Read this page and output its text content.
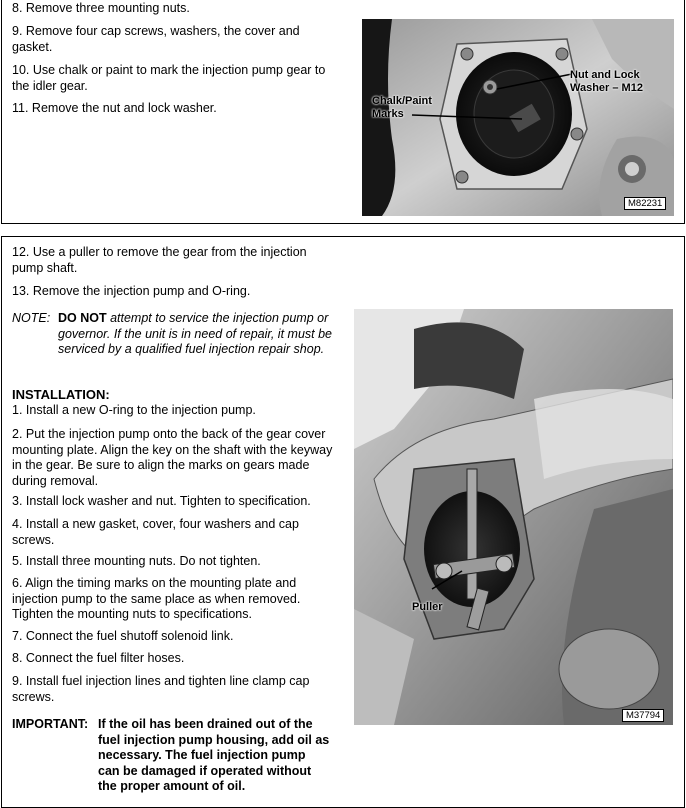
8. Remove three mounting nuts.
9. Remove four cap screws, washers, the cover and gasket.
10. Use chalk or paint to mark the injection pump gear to the idler gear.
11. Remove the nut and lock washer.
Nut and Lock Washer – M12
Chalk/Paint Marks
M82231
12. Use a puller to remove the gear from the injection pump shaft.
13. Remove the injection pump and O-ring.
NOTE: DO NOT attempt to service the injection pump or governor. If the unit is in need of repair, it must be serviced by a qualified fuel injection repair shop.
INSTALLATION:
1. Install a new O-ring to the injection pump.
2. Put the injection pump onto the back of the gear cover mounting plate. Align the key on the shaft with the keyway in the gear. Be sure to align the marks on gears made during removal.
3. Install lock washer and nut. Tighten to specification.
4. Install a new gasket, cover, four washers and cap screws.
5. Install three mounting nuts. Do not tighten.
6. Align the timing marks on the mounting plate and injection pump to the same place as when removed. Tighten the mounting nuts to specifications.
7. Connect the fuel shutoff solenoid link.
8. Connect the fuel filter hoses.
9. Install fuel injection lines and tighten line clamp cap screws.
IMPORTANT: If the oil has been drained out of the fuel injection pump housing, add oil as necessary. The fuel injection pump can be damaged if operated without the proper amount of oil.
Puller
M37794
